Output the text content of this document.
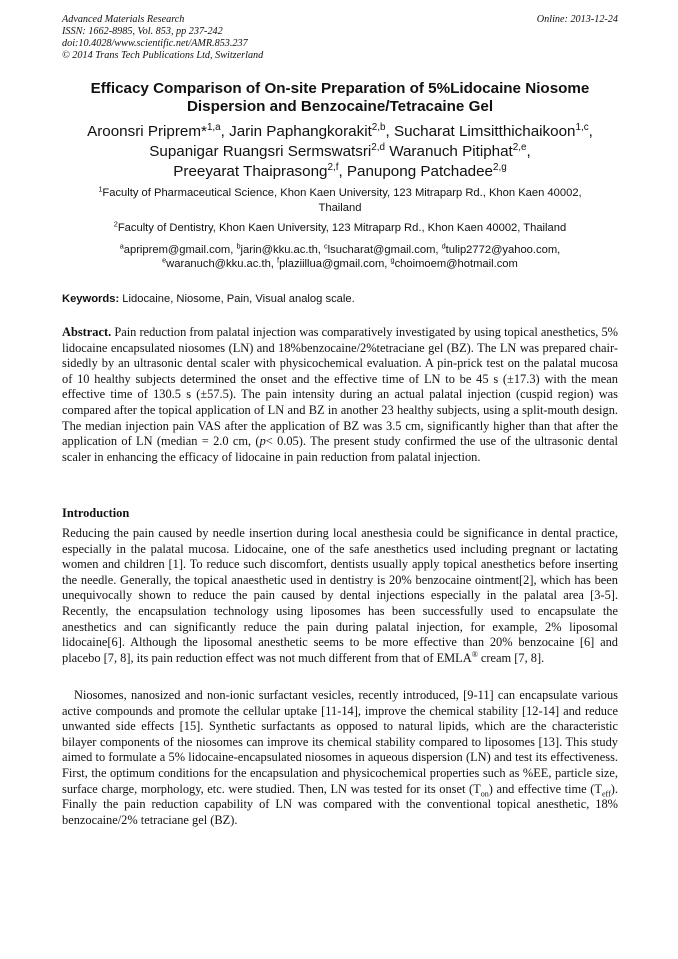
Advanced Materials Research
ISSN: 1662-8985, Vol. 853, pp 237-242
doi:10.4028/www.scientific.net/AMR.853.237
© 2014 Trans Tech Publications Ltd, Switzerland
Online: 2013-12-24
Efficacy Comparison of On-site Preparation of 5%Lidocaine Niosome
Dispersion and Benzocaine/Tetracaine Gel
Aroonsri Priprem*$^{1,a}$, Jarin Paphangkorakit$^{2,b}$, Sucharat Limsitthichaikoon$^{1,c}$,
Supanigar Ruangsri Sermswatsri$^{2,d}$ Waranuch Pitiphat$^{2,e}$,
Preeyarat Thaiprasong$^{2,f}$, Panupong Patchadee$^{2,g}$
$^1$Faculty of Pharmaceutical Science, Khon Kaen University, 123 Mitraparp Rd., Khon Kaen 40002,
Thailand
$^2$Faculty of Dentistry, Khon Kaen University, 123 Mitraparp Rd., Khon Kaen 40002, Thailand
$^a$apriprem@gmail.com, $^b$jarin@kku.ac.th, $^c$lsucharat@gmail.com, $^d$tulip2772@yahoo.com,
$^e$waranuch@kku.ac.th, $^f$plaziillua@gmail.com, $^g$choimoem@hotmail.com
Keywords: Lidocaine, Niosome, Pain, Visual analog scale.
Abstract. Pain reduction from palatal injection was comparatively investigated by using topical anesthetics, 5% lidocaine encapsulated niosomes (LN) and 18%benzocaine/2%tetraciane gel (BZ). The LN was prepared chair-sidedly by an ultrasonic dental scaler with physicochemical evaluation. A pin-prick test on the palatal mucosa of 10 healthy subjects determined the onset and the effective time of LN to be 45 s (±17.3) with the mean effective time of 130.5 s (±57.5). The pain intensity during an actual palatal injection (cuspid region) was compared after the topical application of LN and BZ in another 23 healthy subjects, using a split-mouth design. The median injection pain VAS after the application of BZ was 3.5 cm, significantly higher than that after the application of LN (median = 2.0 cm, (p< 0.05). The present study confirmed the use of the ultrasonic dental scaler in enhancing the efficacy of lidocaine in pain reduction from palatal injection.
Introduction
Reducing the pain caused by needle insertion during local anesthesia could be significance in dental practice, especially in the palatal mucosa. Lidocaine, one of the safe anesthetics used including pregnant or lactating women and children [1]. To reduce such discomfort, dentists usually apply topical anesthetics before inserting the needle. Generally, the topical anaesthetic used in dentistry is 20% benzocaine ointment[2], which has been unequivocally shown to reduce the pain caused by dental injections especially in the palatal area [3-5]. Recently, the encapsulation technology using liposomes has been successfully used to encapsulate the anesthetics and can significantly reduce the pain during palatal injection, for example, 2% liposomal lidocaine[6]. Although the liposomal anesthetic seems to be more effective than 20% benzocaine [6] and placebo [7, 8], its pain reduction effect was not much different from that of EMLA® cream [7, 8].
Niosomes, nanosized and non-ionic surfactant vesicles, recently introduced, [9-11] can encapsulate various active compounds and promote the cellular uptake [11-14], improve the chemical stability [12-14] and reduce unwanted side effects [15]. Synthetic surfactants as opposed to natural lipids, which are the characteristic bilayer components of the niosomes can improve its chemical stability compared to liposomes [13]. This study aimed to formulate a 5% lidocaine-encapsulated niosomes in aqueous dispersion (LN) and test its effectiveness. First, the optimum conditions for the encapsulation and physicochemical properties such as %EE, particle size, surface charge, morphology, etc. were studied. Then, LN was tested for its onset $(T_{on})$ and effective time $(T_{eff})$. Finally the pain reduction capability of LN was compared with the conventional topical anesthetic, 18% benzocaine/2% tetraciane gel (BZ).
